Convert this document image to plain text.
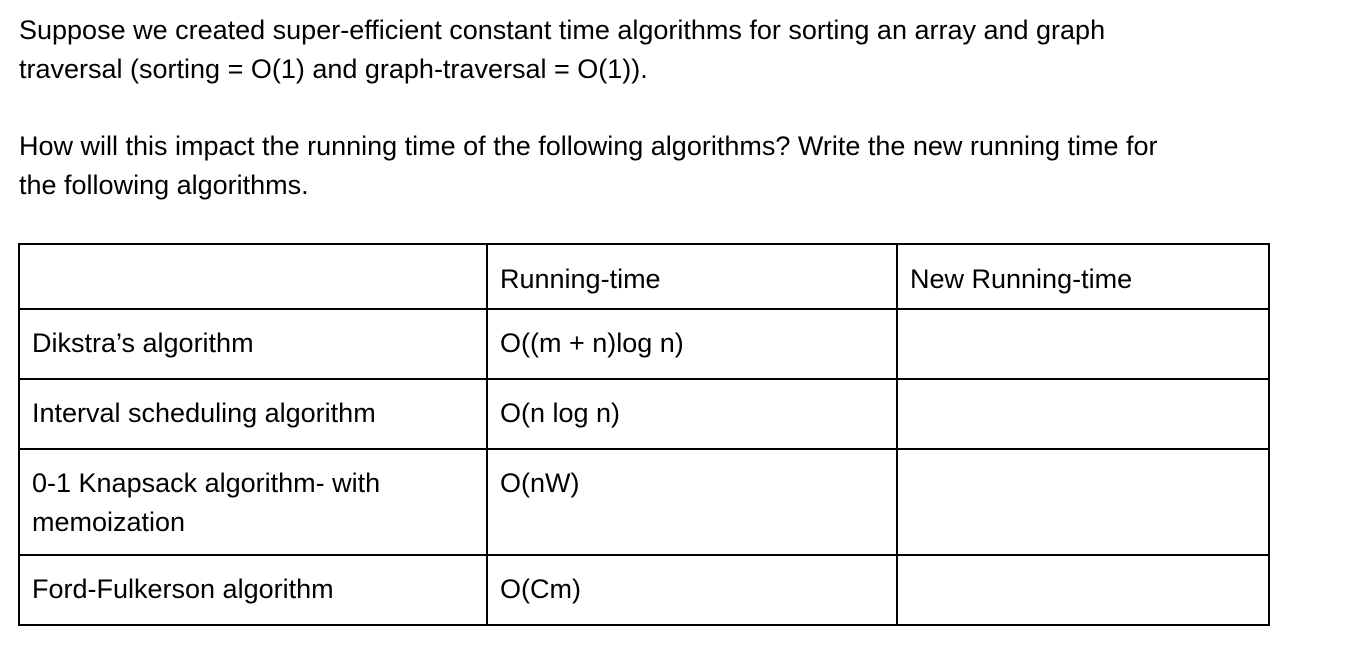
Suppose we created super-efficient constant time algorithms for sorting an array and graph
traversal (sorting = O(1) and graph-traversal = O(1)).

How will this impact the running time of the following algorithms? Write the new running time for
the following algorithms.

	Running-time	New Running-time
Dikstra’s algorithm	O((m + n)log n)	
Interval scheduling algorithm	O(n log n)	
0-1 Knapsack algorithm- with
memoization	O(nW)	
Ford-Fulkerson algorithm	O(Cm)	
